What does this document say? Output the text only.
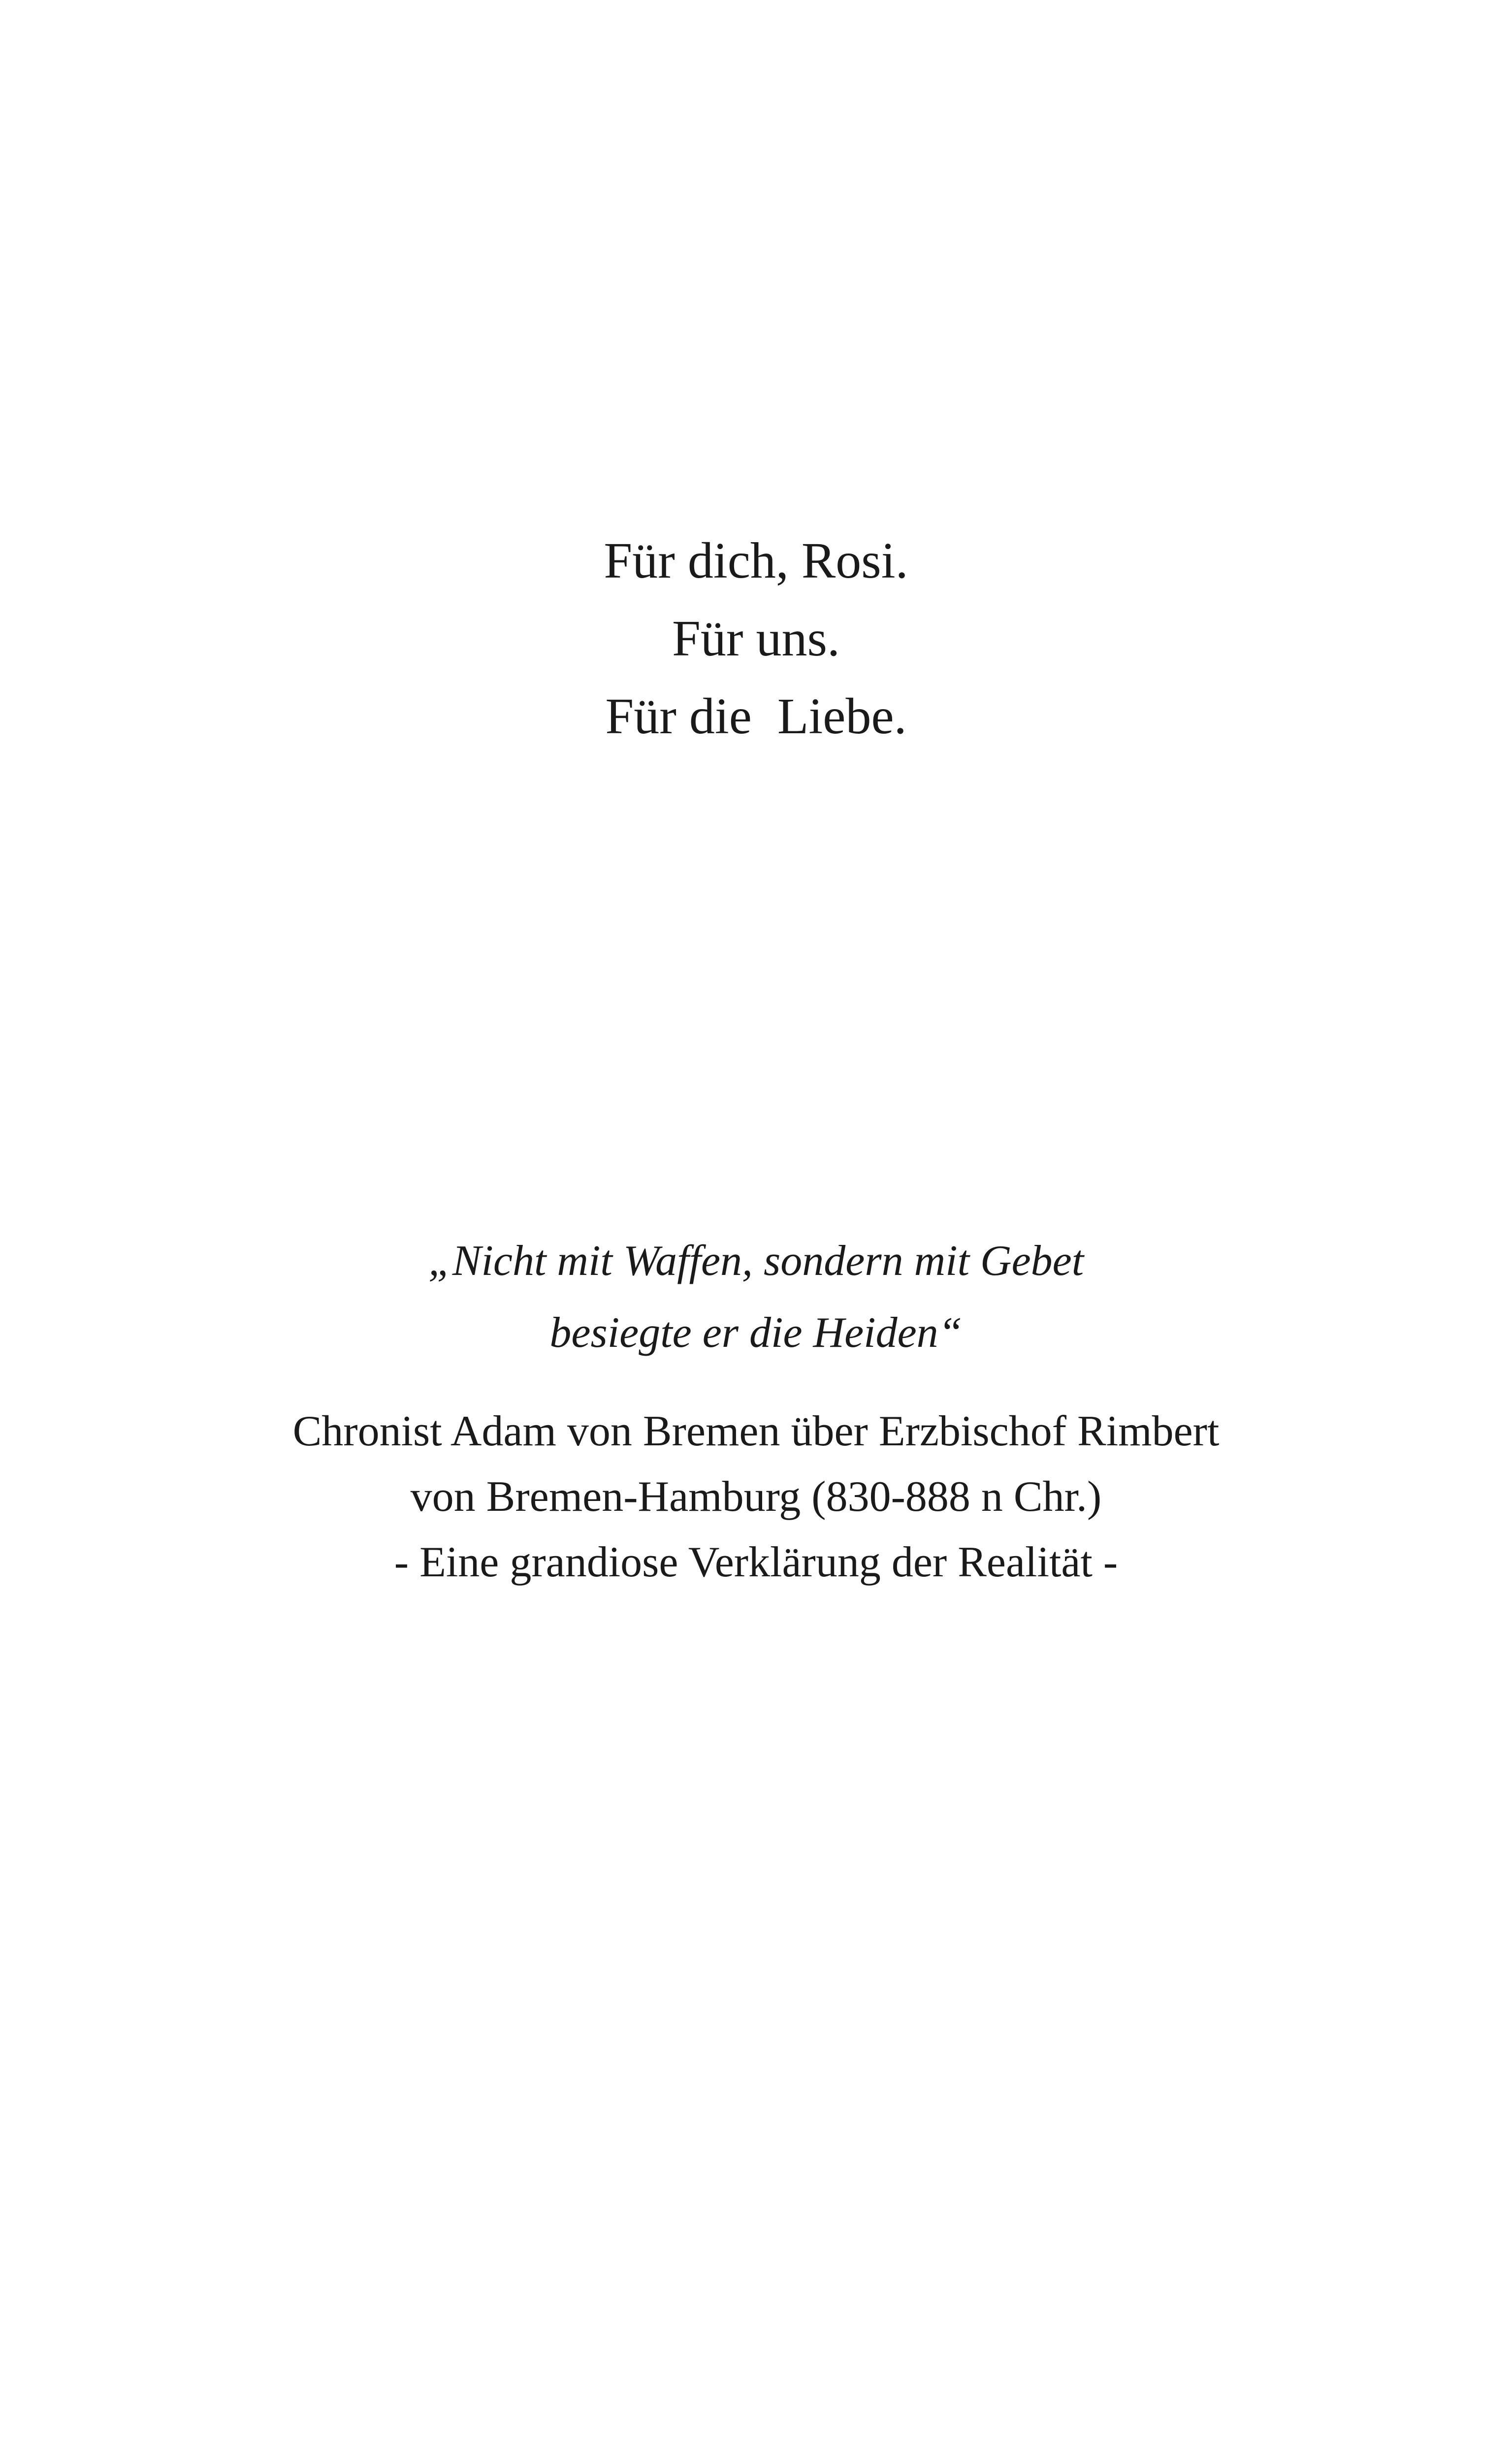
Für dich, Rosi.
Für uns.
Für die  Liebe.
„Nicht mit Waffen, sondern mit Gebet
besiegte er die Heiden“
Chronist Adam von Bremen über Erzbischof Rimbert
von Bremen-Hamburg (830-888 n Chr.)
- Eine grandiose Verklärung der Realität -
